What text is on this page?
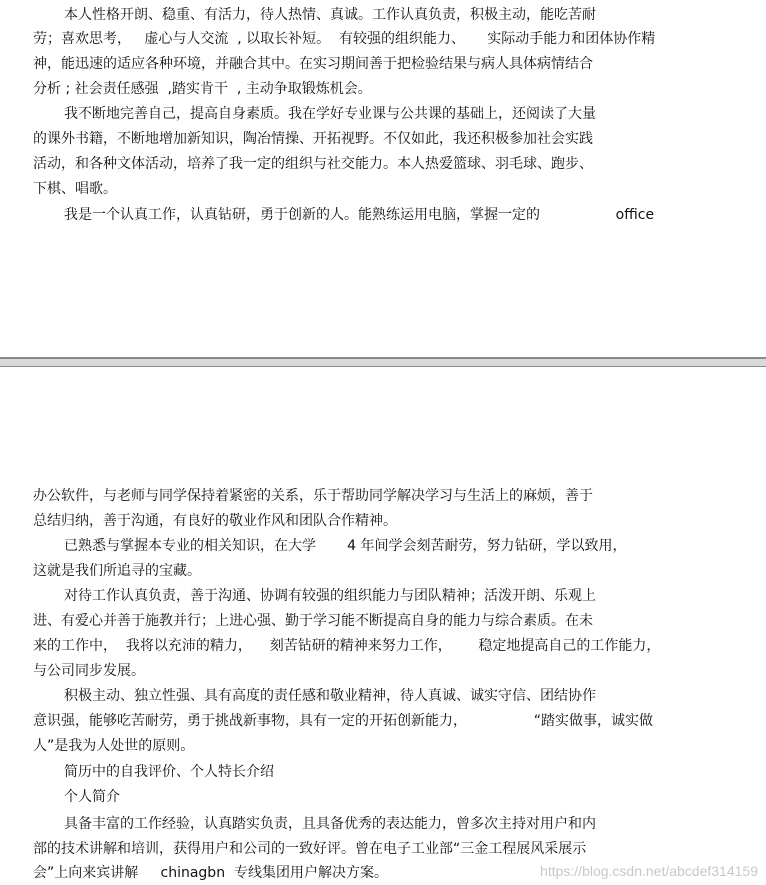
本人性格开朗、稳重、有活力，待人热情、真诚。工作认真负责，积极主动，能吃苦耐
劳；喜欢思考，   虚心与人交流  , 以取长补短。  有较强的组织能力、     实际动手能力和团体协作精
神，能迅速的适应各种环境，并融合其中。在实习期间善于把检验结果与病人具体病情结合
分析 ; 社会责任感强  ,踏实肯干  , 主动争取锻炼机会。
我不断地完善自己，提高自身素质。我在学好专业课与公共课的基础上，还阅读了大量
的课外书籍，不断地增加新知识，陶冶情操、开拓视野。不仅如此，我还积极参加社会实践
活动，和各种文体活动，培养了我一定的组织与社交能力。本人热爱篮球、羽毛球、跑步、
下棋、唱歌。
我是一个认真工作，认真钻研，勇于创新的人。能熟练运用电脑，掌握一定的                 office
办公软件，与老师与同学保持着紧密的关系，乐于帮助同学解决学习与生活上的麻烦，善于
总结归纳，善于沟通，有良好的敬业作风和团队合作精神。
已熟悉与掌握本专业的相关知识，在大学       4 年间学会刻苦耐劳，努力钻研，学以致用，
这就是我们所追寻的宝藏。
对待工作认真负责，善于沟通、协调有较强的组织能力与团队精神；活泼开朗、乐观上
进、有爱心并善于施教并行；上进心强、勤于学习能不断提高自身的能力与综合素质。在未
来的工作中，  我将以充沛的精力，    刻苦钻研的精神来努力工作，      稳定地提高自己的工作能力，
与公司同步发展。
积极主动、独立性强、具有高度的责任感和敬业精神，待人真诚、诚实守信、团结协作
意识强，能够吃苦耐劳，勇于挑战新事物，具有一定的开拓创新能力，               “踏实做事，诚实做
人”是我为人处世的原则。
简历中的自我评价、个人特长介绍
个人简介
具备丰富的工作经验，认真踏实负责，且具备优秀的表达能力，曾多次主持对用户和内
部的技术讲解和培训，获得用户和公司的一致好评。曾在电子工业部“三金工程展风采展示
会”上向来宾讲解     chinagbn  专线集团用户解决方案。	https://blog.csdn.net/abcdef314159
